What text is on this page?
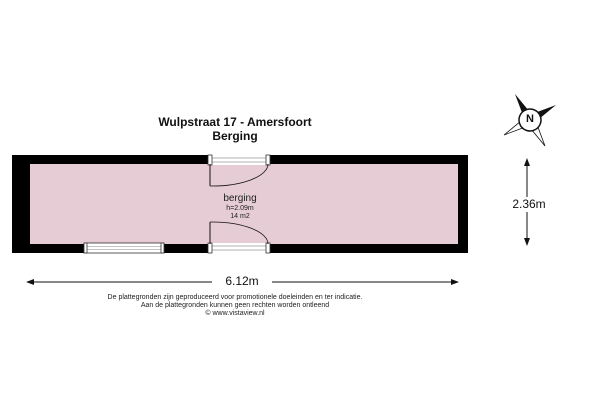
Wulpstraat 17 - Amersfoort
Berging
N
berging
h=2.09m
14 m2
6.12m
2.36m
De plattegronden zijn geproduceerd voor promotionele doeleinden en ter indicatie.
Aan de plattegronden kunnen geen rechten worden ontleend
© www.vistaview.nl
